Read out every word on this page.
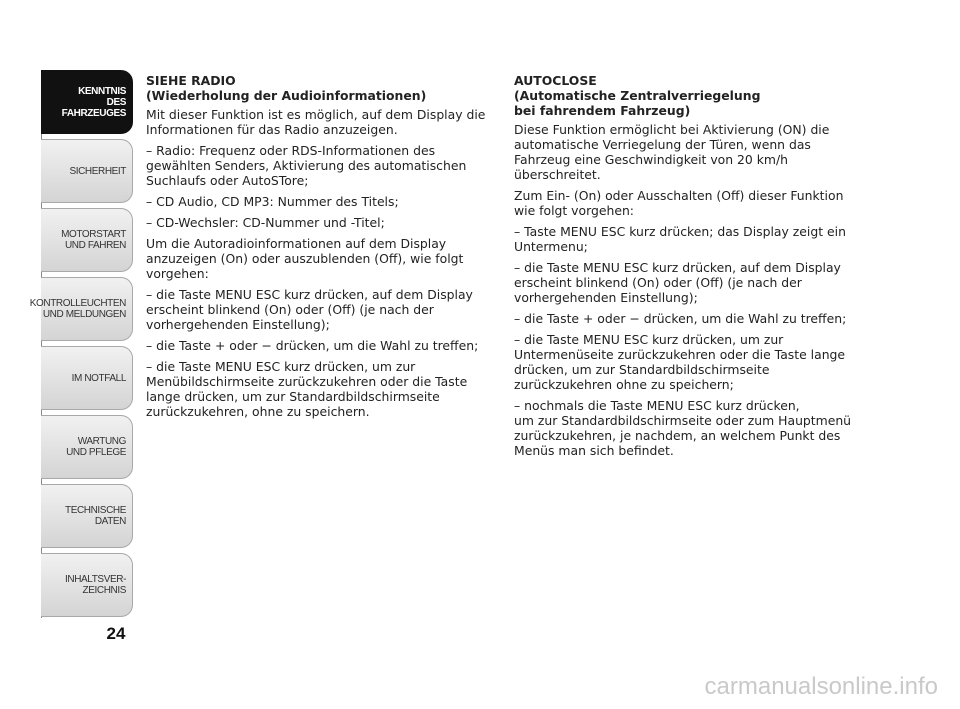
KENNTNIS
DES FAHRZEUGES
SICHERHEIT
MOTORSTART
UND FAHREN
KONTROLLEUCHTEN
UND MELDUNGEN
IM NOTFALL
WARTUNG
UND PFLEGE
TECHNISCHE DATEN
INHALTSVER-
ZEICHNIS
24
SIEHE RADIO
(Wiederholung der Audioinformationen)

Mit dieser Funktion ist es möglich, auf dem Display die
Informationen für das Radio anzuzeigen.

– Radio: Frequenz oder RDS-Informationen des
gewählten Senders, Aktivierung des automatischen
Suchlaufs oder AutoSTore;

– CD Audio, CD MP3: Nummer des Titels;

– CD-Wechsler: CD-Nummer und -Titel;

Um die Autoradioinformationen auf dem Display
anzuzeigen (On) oder auszublenden (Off), wie folgt
vorgehen:

– die Taste MENU ESC kurz drücken, auf dem Display
erscheint blinkend (On) oder (Off) (je nach der
vorhergehenden Einstellung);

– die Taste + oder − drücken, um die Wahl zu treffen;

– die Taste MENU ESC kurz drücken, um zur
Menübildschirmseite zurückzukehren oder die Taste
lange drücken, um zur Standardbildschirmseite
zurückzukehren, ohne zu speichern.

AUTOCLOSE
(Automatische Zentralverriegelung
bei fahrendem Fahrzeug)

Diese Funktion ermöglicht bei Aktivierung (ON) die
automatische Verriegelung der Türen, wenn das
Fahrzeug eine Geschwindigkeit von 20 km/h
überschreitet.

Zum Ein- (On) oder Ausschalten (Off) dieser Funktion
wie folgt vorgehen:

– Taste MENU ESC kurz drücken; das Display zeigt ein
Untermenu;

– die Taste MENU ESC kurz drücken, auf dem Display
erscheint blinkend (On) oder (Off) (je nach der
vorhergehenden Einstellung);

– die Taste + oder − drücken, um die Wahl zu treffen;

– die Taste MENU ESC kurz drücken, um zur
Untermenüseite zurückzukehren oder die Taste lange
drücken, um zur Standardbildschirmseite
zurückzukehren ohne zu speichern;

– nochmals die Taste MENU ESC kurz drücken,
um zur Standardbildschirmseite oder zum Hauptmenü
zurückzukehren, je nachdem, an welchem Punkt des
Menüs man sich befindet.

carmanualsonline.info
